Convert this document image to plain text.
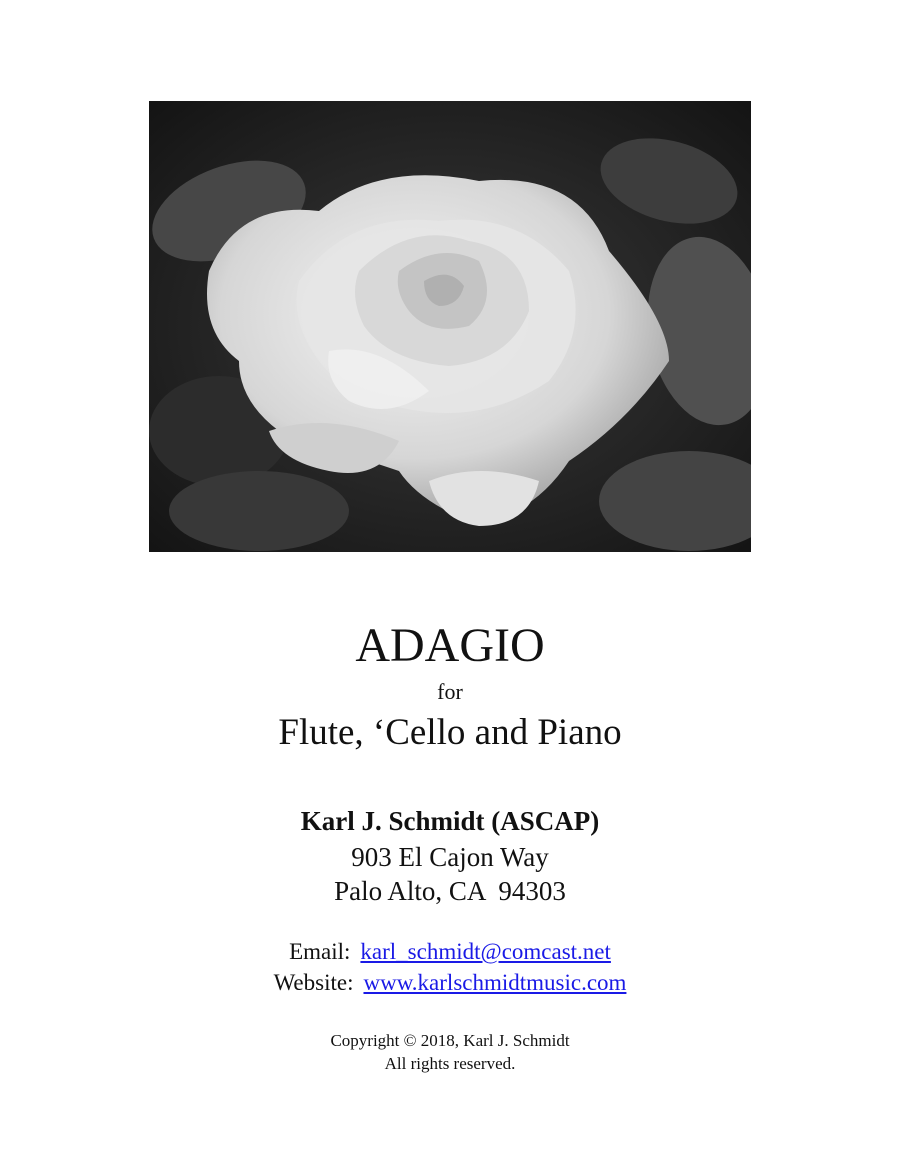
ADAGIO
for
Flute, ‘Cello and Piano
Karl J. Schmidt (ASCAP)
903 El Cajon Way
Palo Alto, CA  94303
Email: karl_schmidt@comcast.net
Website: www.karlschmidtmusic.com
Copyright © 2018, Karl J. Schmidt
All rights reserved.
